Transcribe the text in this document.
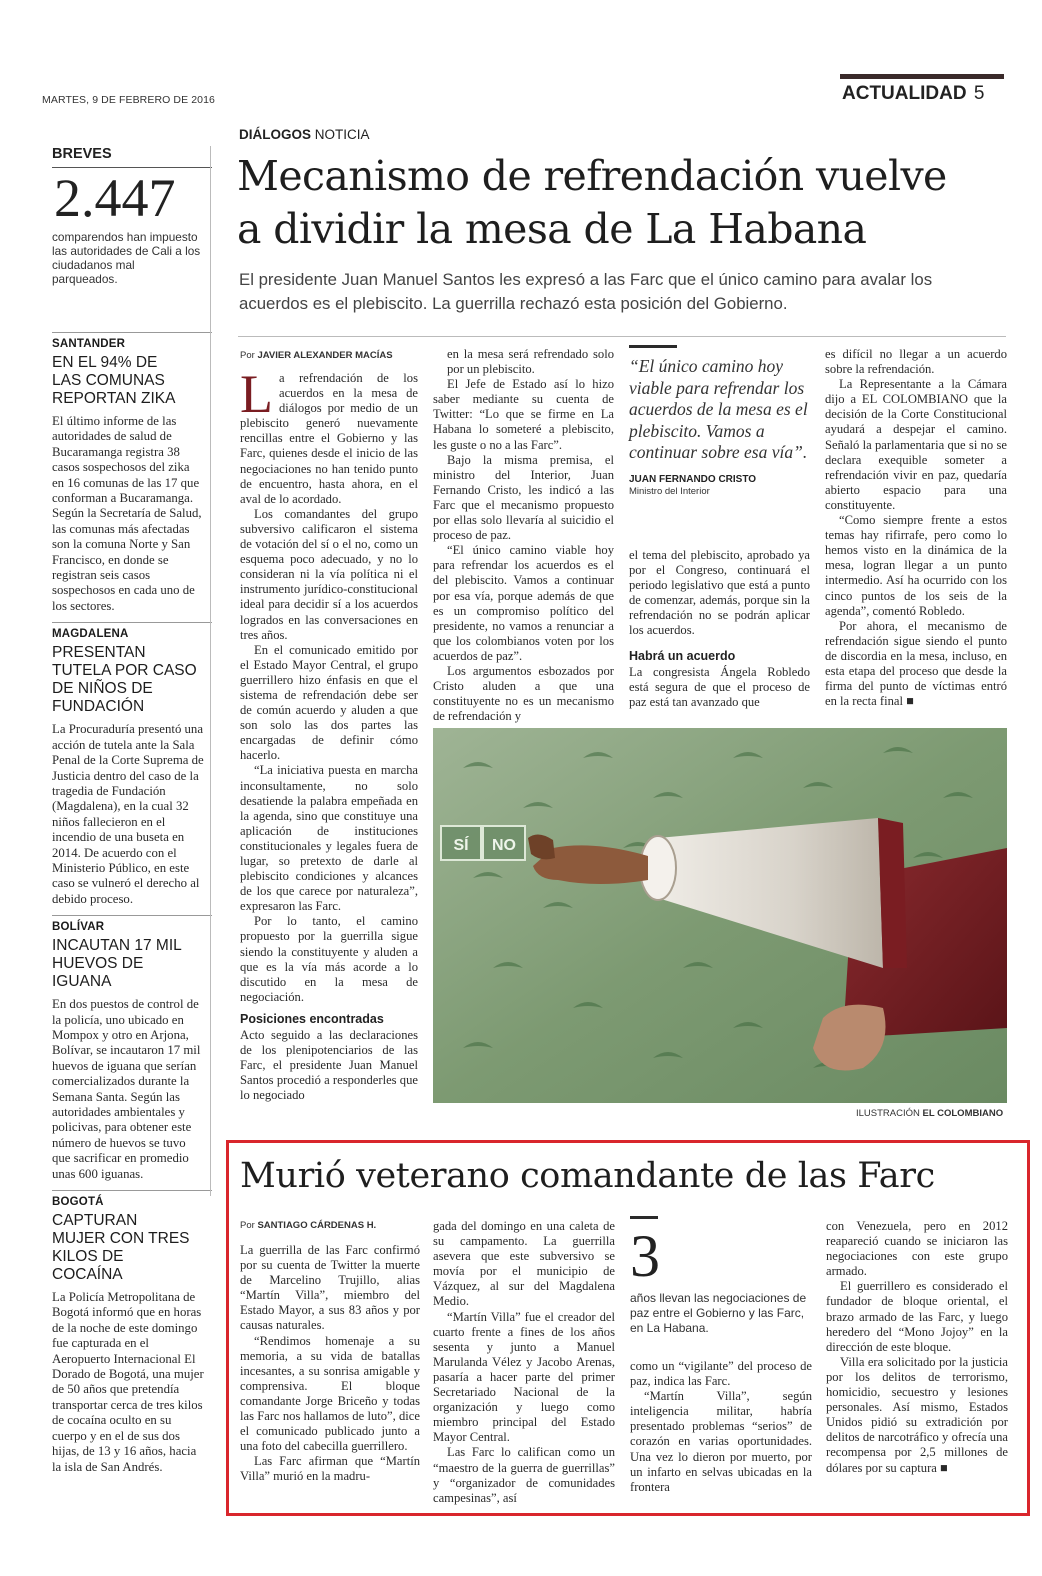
MARTES, 9 DE FEBRERO DE 2016	ACTUALIDAD 5
BREVES
2.447
comparendos han impuesto las autoridades de Cali a los ciudadanos mal parqueados.
SANTANDER
EN EL 94% DE LAS COMUNAS REPORTAN ZIKA
El último informe de las autoridades de salud de Bucaramanga registra 38 casos sospechosos del zika en 16 comunas de las 17 que conforman a Bucaramanga. Según la Secretaría de Salud, las comunas más afectadas son la comuna Norte y San Francisco, en donde se registran seis casos sospechosos en cada uno de los sectores.
MAGDALENA
PRESENTAN TUTELA POR CASO DE NIÑOS DE FUNDACIÓN
La Procuraduría presentó una acción de tutela ante la Sala Penal de la Corte Suprema de Justicia dentro del caso de la tragedia de Fundación (Magdalena), en la cual 32 niños fallecieron en el incendio de una buseta en 2014. De acuerdo con el Ministerio Público, en este caso se vulneró el derecho al debido proceso.
BOLÍVAR
INCAUTAN 17 MIL HUEVOS DE IGUANA
En dos puestos de control de la policía, uno ubicado en Mompox y otro en Arjona, Bolívar, se incautaron 17 mil huevos de iguana que serían comercializados durante la Semana Santa. Según las autoridades ambientales y policivas, para obtener este número de huevos se tuvo que sacrificar en promedio unas 600 iguanas.
BOGOTÁ
CAPTURAN MUJER CON TRES KILOS DE COCAÍNA
La Policía Metropolitana de Bogotá informó que en horas de la noche de este domingo fue capturada en el Aeropuerto Internacional El Dorado de Bogotá, una mujer de 50 años que pretendía transportar cerca de tres kilos de cocaína oculto en su cuerpo y en el de sus dos hijas, de 13 y 16 años, hacia la isla de San Andrés.
DIÁLOGOS NOTICIA
Mecanismo de refrendación vuelve
a dividir la mesa de La Habana
El presidente Juan Manuel Santos les expresó a las Farc que el único camino para avalar los acuerdos es el plebiscito. La guerrilla rechazó esta posición del Gobierno.
Por JAVIER ALEXANDER MACÍAS

L a refrendación de los acuerdos en la mesa de diálogos por medio de un plebiscito generó nuevamente rencillas entre el Gobierno y las Farc, quienes desde el inicio de las negociaciones no han tenido punto de encuentro, hasta ahora, en el aval de lo acordado.

Los comandantes del grupo subversivo calificaron el sistema de votación del sí o el no, como un esquema poco adecuado, y no lo consideran ni la vía política ni el instrumento jurídico-constitucional ideal para decidir sí a los acuerdos logrados en las conversaciones en tres años.

En el comunicado emitido por el Estado Mayor Central, el grupo guerrillero hizo énfasis en que el sistema de refrendación debe ser de común acuerdo y aluden a que son solo las dos partes las encargadas de definir cómo hacerlo.

“La iniciativa puesta en marcha inconsultamente, no solo desatiende la palabra empeñada en la agenda, sino que constituye una aplicación de instituciones constitucionales y legales fuera de lugar, so pretexto de darle al plebiscito condiciones y alcances de los que carece por naturaleza”, expresaron las Farc.

Por lo tanto, el camino propuesto por la guerrilla sigue siendo la constituyente y aluden a que es la vía más acorde a lo discutido en la mesa de negociación.

Posiciones encontradas

Acto seguido a las declaraciones de los plenipotenciarios de las Farc, el presidente Juan Manuel Santos procedió a responderles que lo negociado

en la mesa será refrendado solo por un plebiscito.

El Jefe de Estado así lo hizo saber mediante su cuenta de Twitter: “Lo que se firme en La Habana lo someteré a plebiscito, les guste o no a las Farc”.

Bajo la misma premisa, el ministro del Interior, Juan Fernando Cristo, les indicó a las Farc que el mecanismo propuesto por ellas solo llevaría al suicidio el proceso de paz.

“El único camino viable hoy para refrendar los acuerdos es el del plebiscito. Vamos a continuar por esa vía, porque además de que es un compromiso político del presidente, no vamos a renunciar a que los colombianos voten por los acuerdos de paz”.

Los argumentos esbozados por Cristo aluden a que una constituyente no es un mecanismo de refrendación y

“El único camino hoy viable para refrendar los acuerdos de la mesa es el plebiscito. Vamos a continuar sobre esa vía”.
JUAN FERNANDO CRISTO
Ministro del Interior

el tema del plebiscito, aprobado ya por el Congreso, continuará el periodo legislativo que está a punto de comenzar, además, porque sin la refrendación no se podrán aplicar los acuerdos.

Habrá un acuerdo

La congresista Ángela Robledo está segura de que el proceso de paz está tan avanzado que

es difícil no llegar a un acuerdo sobre la refrendación.

La Representante a la Cámara dijo a EL COLOMBIANO que la decisión de la Corte Constitucional ayudará a despejar el camino. Señaló la parlamentaria que si no se declara exequible someter a refrendación vivir en paz, quedaría abierto espacio para una constituyente.

“Como siempre frente a estos temas hay rifirrafe, pero como lo hemos visto en la dinámica de la mesa, logran llegar a un punto intermedio. Así ha ocurrido con los cinco puntos de los seis de la agenda”, comentó Robledo.

Por ahora, el mecanismo de refrendación sigue siendo el punto de discordia en la mesa, incluso, en esta etapa del proceso que desde la firma del punto de víctimas entró en la recta final ■

SÍ NO
ILUSTRACIÓN EL COLOMBIANO
Murió veterano comandante de las Farc
Por SANTIAGO CÁRDENAS H.

La guerrilla de las Farc confirmó por su cuenta de Twitter la muerte de Marcelino Trujillo, alias “Martín Villa”, miembro del Estado Mayor, a sus 83 años y por causas naturales.

“Rendimos homenaje a su memoria, a su vida de batallas incesantes, a su sonrisa amigable y comprensiva. El bloque comandante Jorge Briceño y todas las Farc nos hallamos de luto”, dice el comunicado publicado junto a una foto del cabecilla guerrillero.

Las Farc afirman que “Martín Villa” murió en la madru-

gada del domingo en una caleta de su campamento. La guerrilla asevera que este subversivo se movía por el municipio de Vázquez, al sur del Magdalena Medio.

“Martín Villa” fue el creador del cuarto frente a fines de los años sesenta y junto a Manuel Marulanda Vélez y Jacobo Arenas, pasaría a hacer parte del primer Secretariado Nacional de la organización y luego como miembro principal del Estado Mayor Central.

Las Farc lo califican como un “maestro de la guerra de guerrillas” y “organizador de comunidades campesinas”, así

3
años llevan las negociaciones de paz entre el Gobierno y las Farc, en La Habana.

como un “vigilante” del proceso de paz, indica las Farc.

“Martín Villa”, según inteligencia militar, habría presentado problemas “serios” de corazón en varias oportunidades. Una vez lo dieron por muerto, por un infarto en selvas ubicadas en la frontera

con Venezuela, pero en 2012 reapareció cuando se iniciaron las negociaciones con este grupo armado.

El guerrillero es considerado el fundador de bloque oriental, el brazo armado de las Farc, y luego heredero del “Mono Jojoy” en la dirección de este bloque.

Villa era solicitado por la justicia por los delitos de terrorismo, homicidio, secuestro y lesiones personales. Así mismo, Estados Unidos pidió su extradición por delitos de narcotráfico y ofrecía una recompensa por 2,5 millones de dólares por su captura ■
